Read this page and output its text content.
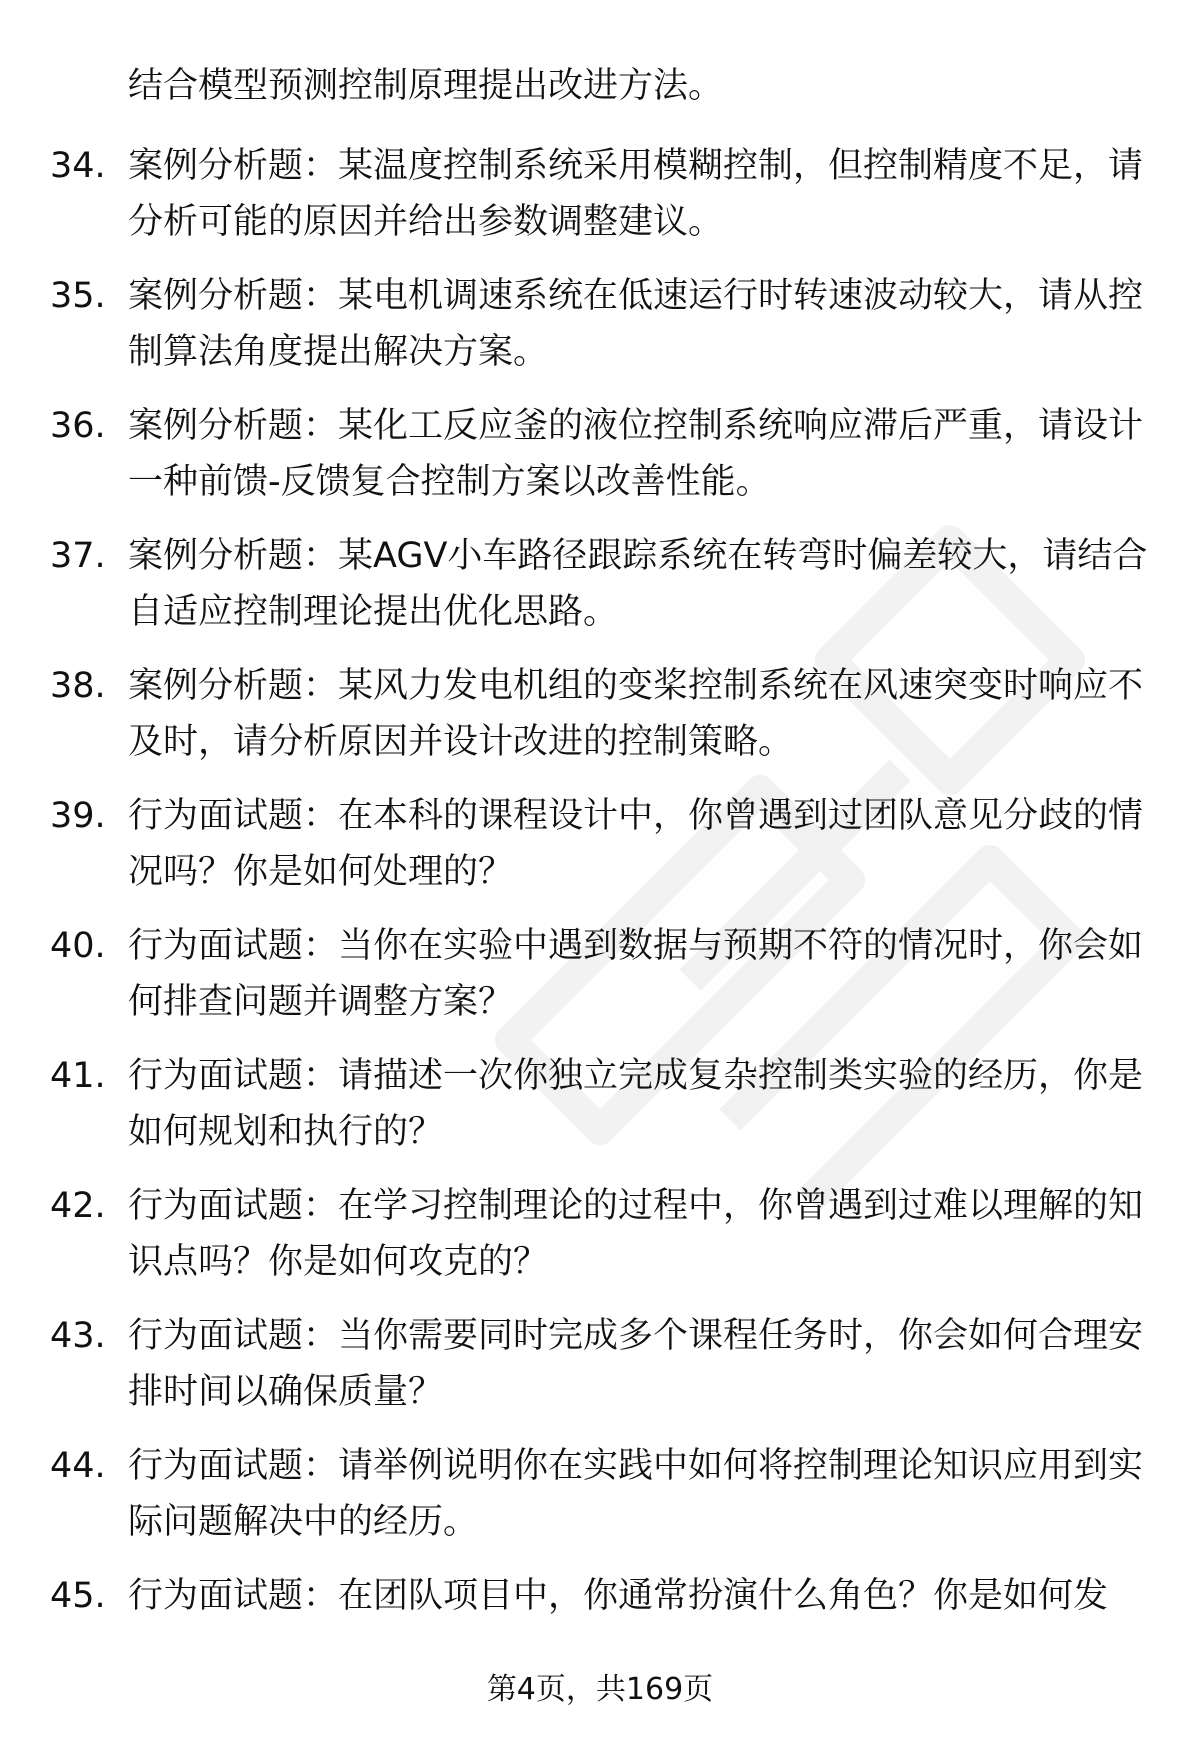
结合模型预测控制原理提出改进方法。

34. 案例分析题：某温度控制系统采用模糊控制，但控制精度不足，请分析可能的原因并给出参数调整建议。
35. 案例分析题：某电机调速系统在低速运行时转速波动较大，请从控制算法角度提出解决方案。
36. 案例分析题：某化工反应釜的液位控制系统响应滞后严重，请设计一种前馈-反馈复合控制方案以改善性能。
37. 案例分析题：某AGV小车路径跟踪系统在转弯时偏差较大，请结合自适应控制理论提出优化思路。
38. 案例分析题：某风力发电机组的变桨控制系统在风速突变时响应不及时，请分析原因并设计改进的控制策略。
39. 行为面试题：在本科的课程设计中，你曾遇到过团队意见分歧的情况吗？你是如何处理的？
40. 行为面试题：当你在实验中遇到数据与预期不符的情况时，你会如何排查问题并调整方案？
41. 行为面试题：请描述一次你独立完成复杂控制类实验的经历，你是如何规划和执行的？
42. 行为面试题：在学习控制理论的过程中，你曾遇到过难以理解的知识点吗？你是如何攻克的？
43. 行为面试题：当你需要同时完成多个课程任务时，你会如何合理安排时间以确保质量？
44. 行为面试题：请举例说明你在实践中如何将控制理论知识应用到实际问题解决中的经历。
45. 行为面试题：在团队项目中，你通常扮演什么角色？你是如何发
第4页，共169页
